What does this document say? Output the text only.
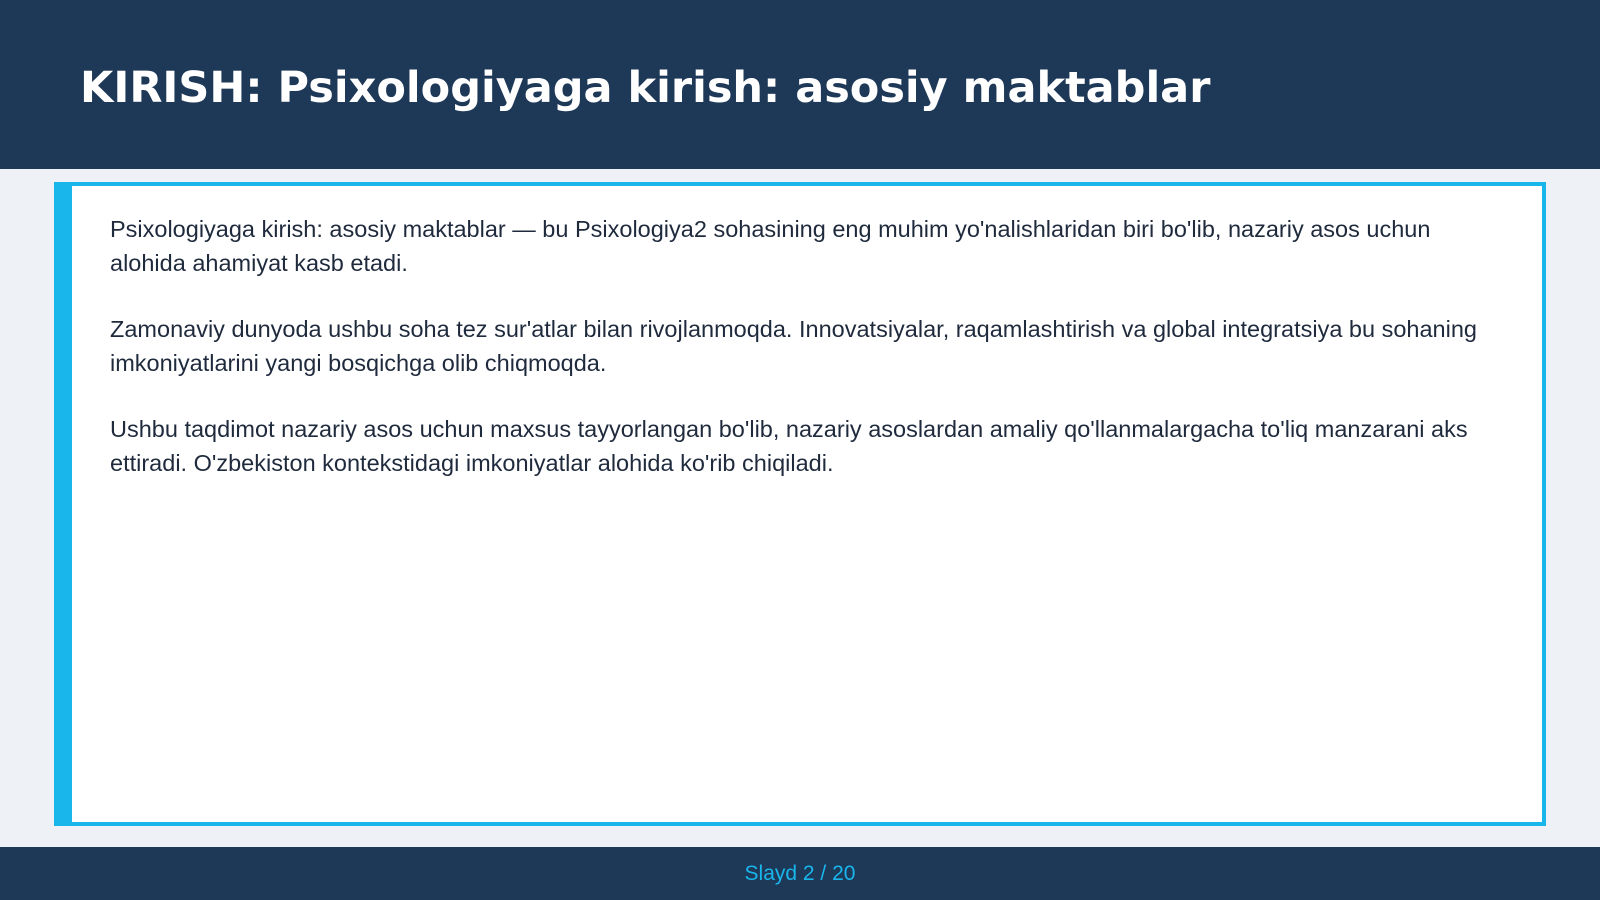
KIRISH: Psixologiyaga kirish: asosiy maktablar

Psixologiyaga kirish: asosiy maktablar — bu Psixologiya2 sohasining eng muhim yo'nalishlaridan biri bo'lib, nazariy asos uchun alohida ahamiyat kasb etadi.

Zamonaviy dunyoda ushbu soha tez sur'atlar bilan rivojlanmoqda. Innovatsiyalar, raqamlashtirish va global integratsiya bu sohaning imkoniyatlarini yangi bosqichga olib chiqmoqda.

Ushbu taqdimot nazariy asos uchun maxsus tayyorlangan bo'lib, nazariy asoslardan amaliy qo'llanmalargacha to'liq manzarani aks ettiradi. O'zbekiston kontekstidagi imkoniyatlar alohida ko'rib chiqiladi.

Slayd 2 / 20
